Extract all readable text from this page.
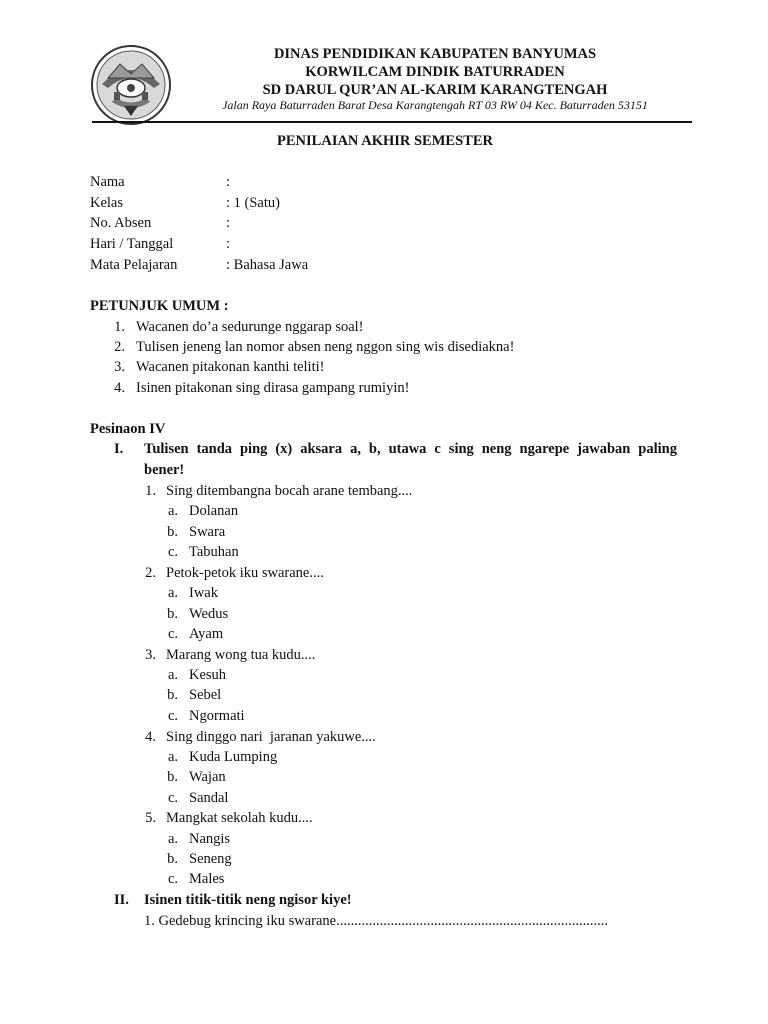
DINAS PENDIDIKAN KABUPATEN BANYUMAS
KORWILCAM DINDIK BATURRADEN
SD DARUL QUR’AN AL-KARIM KARANGTENGAH
Jalan Raya Baturraden Barat Desa Karangtengah RT 03 RW 04 Kec. Baturraden 53151
PENILAIAN AKHIR SEMESTER
Nama	:
Kelas	: 1 (Satu)
No. Absen	:
Hari / Tanggal	:
Mata Pelajaran	: Bahasa Jawa
PETUNJUK UMUM :
1. Wacanen do’a sedurunge nggarap soal!
2. Tulisen jeneng lan nomor absen neng nggon sing wis disediakna!
3. Wacanen pitakonan kanthi teliti!
4. Isinen pitakonan sing dirasa gampang rumiyin!
Pesinaon IV
I. Tulisen tanda ping (x) aksara a, b, utawa c sing neng ngarepe jawaban paling
bener!
1. Sing ditembangna bocah arane tembang....
a. Dolanan
b. Swara
c. Tabuhan
2. Petok-petok iku swarane....
a. Iwak
b. Wedus
c. Ayam
3. Marang wong tua kudu....
a. Kesuh
b. Sebel
c. Ngormati
4. Sing dinggo nari  jaranan yakuwe....
a. Kuda Lumping
b. Wajan
c. Sandal
5. Mangkat sekolah kudu....
a. Nangis
b. Seneng
c. Males
II. Isinen titik-titik neng ngisor kiye!
1. Gedebug krincing iku swarane...........................................................................
